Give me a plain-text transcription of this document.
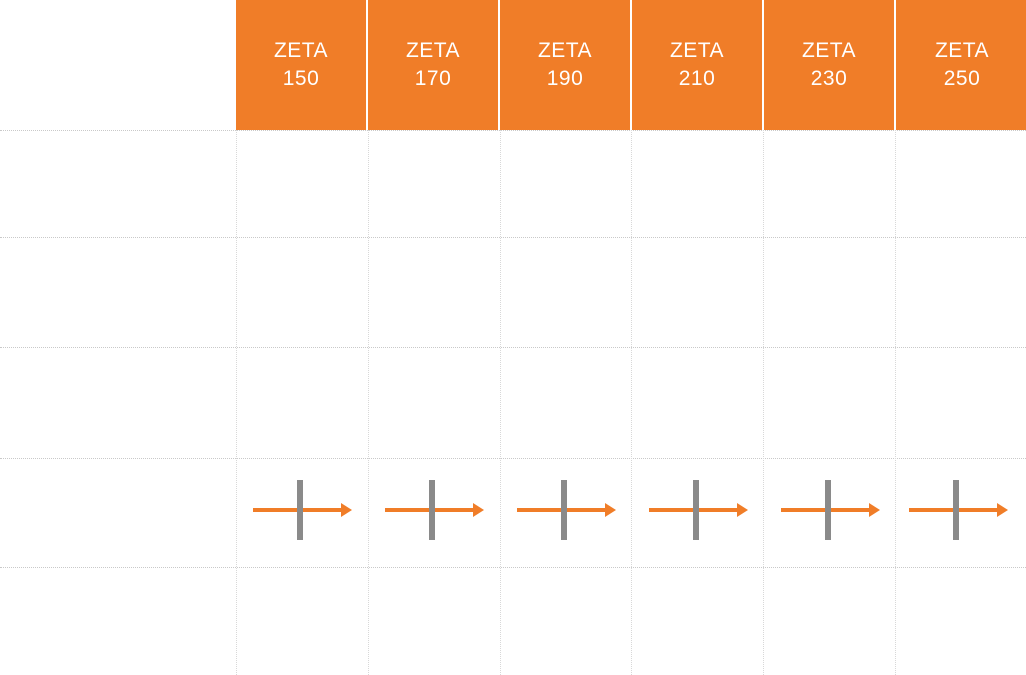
ZETA
150
ZETA
170
ZETA
190
ZETA
210
ZETA
230
ZETA
250
